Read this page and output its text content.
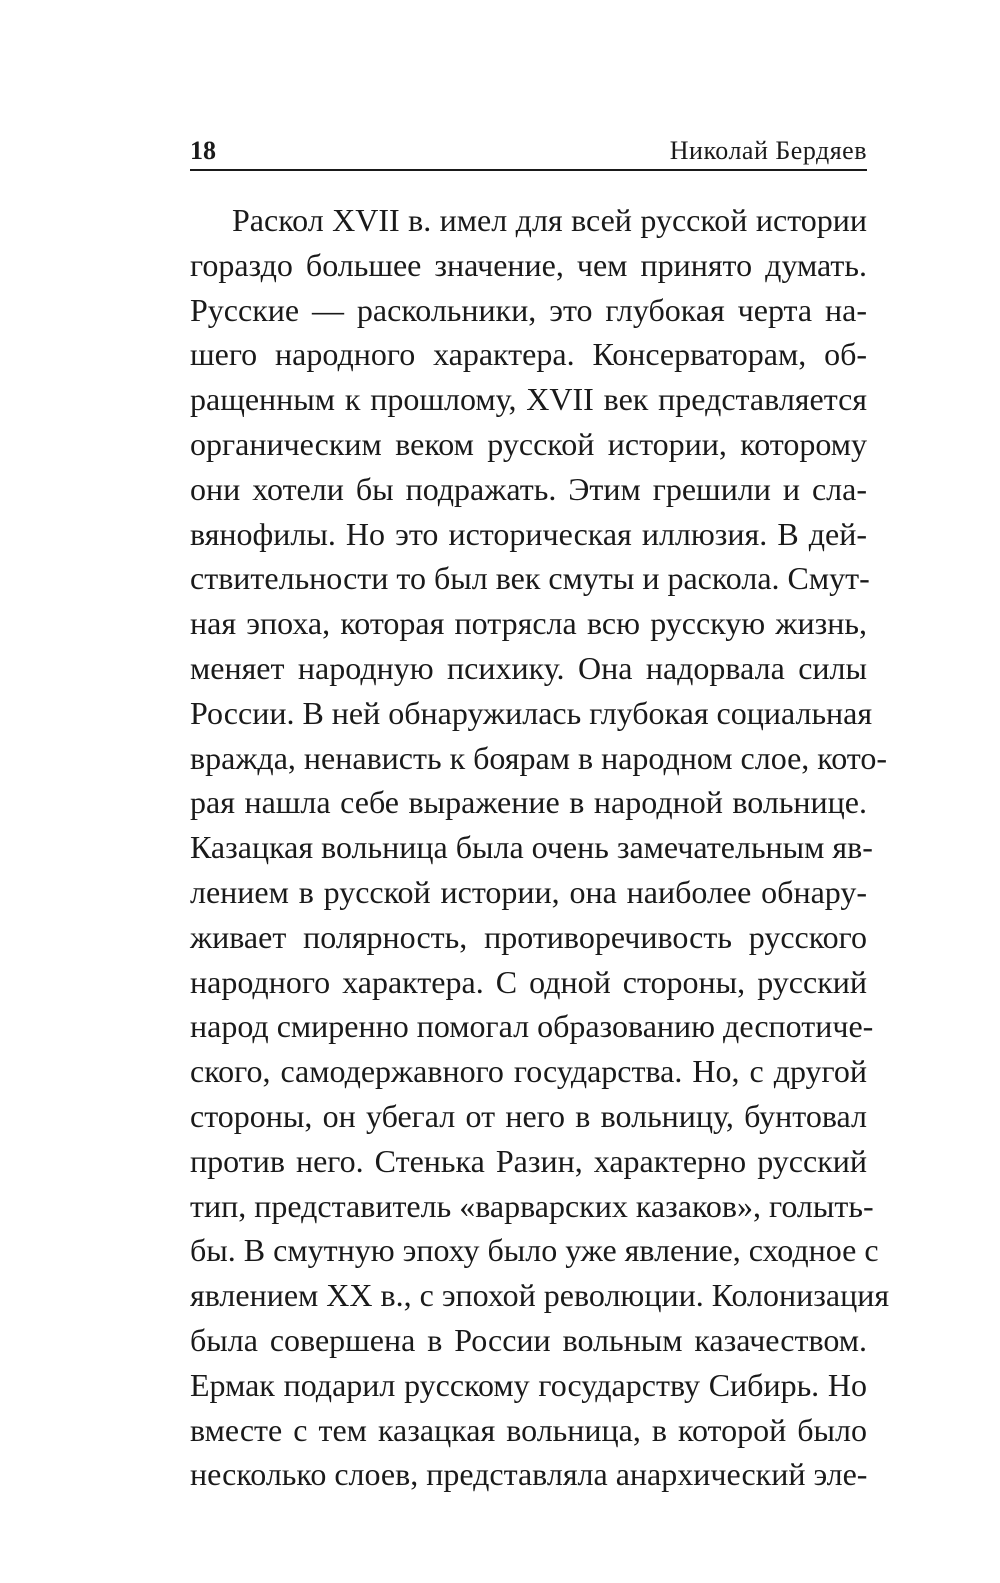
18	Николай Бердяев
Раскол XVII в. имел для всей русской истории
гораздо большее значение, чем принято думать.
Русские — раскольники, это глубокая черта на-
шего народного характера. Консерваторам, об-
ращенным к прошлому, XVII век представляется
органическим веком русской истории, которому
они хотели бы подражать. Этим грешили и сла-
вянофилы. Но это историческая иллюзия. В дей-
ствительности то был век смуты и раскола. Смут-
ная эпоха, которая потрясла всю русскую жизнь,
меняет народную психику. Она надорвала силы
России. В ней обнаружилась глубокая социальная
вражда, ненависть к боярам в народном слое, кото-
рая нашла себе выражение в народной вольнице.
Казацкая вольница была очень замечательным яв-
лением в русской истории, она наиболее обнару-
живает полярность, противоречивость русского
народного характера. С одной стороны, русский
народ смиренно помогал образованию деспотиче-
ского, самодержавного государства. Но, с другой
стороны, он убегал от него в вольницу, бунтовал
против него. Стенька Разин, характерно русский
тип, представитель «варварских казаков», голыть-
бы. В смутную эпоху было уже явление, сходное с
явлением XX в., с эпохой революции. Колонизация
была совершена в России вольным казачеством.
Ермак подарил русскому государству Сибирь. Но
вместе с тем казацкая вольница, в которой было
несколько слоев, представляла анархический эле-
